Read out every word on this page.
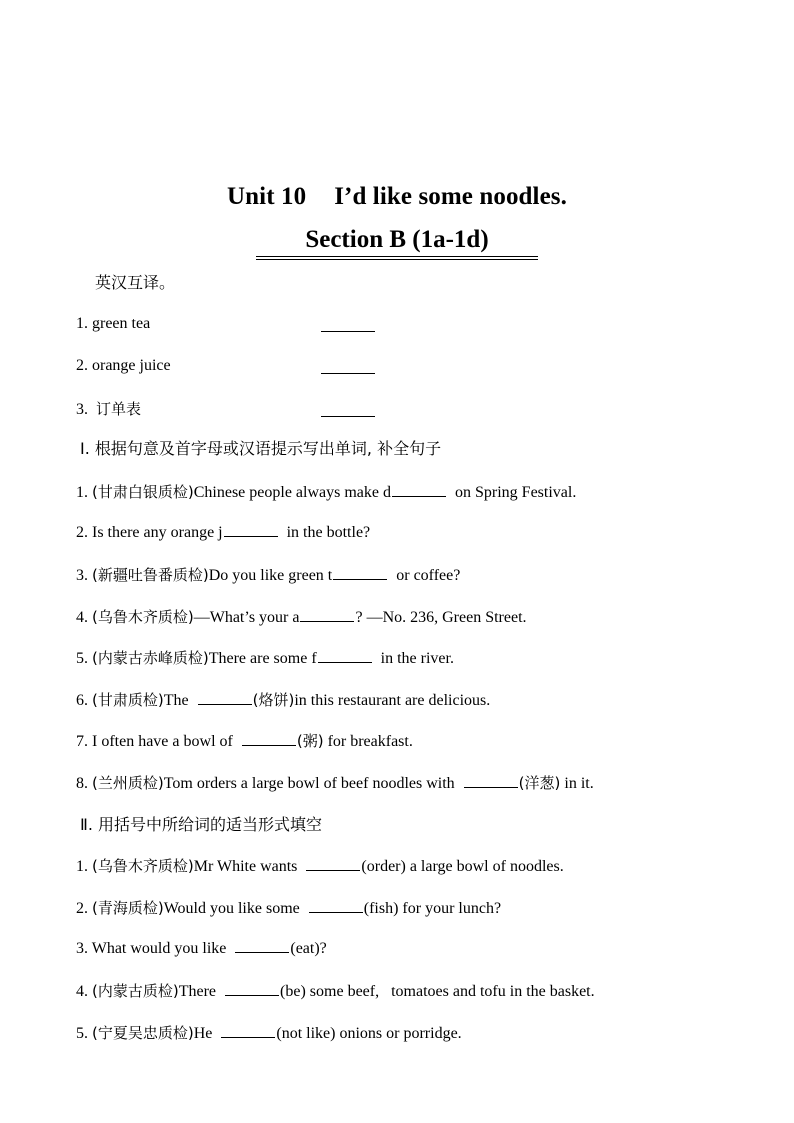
Unit 10 I’d like some noodles.
Section B (1a-1d)
英汉互译。
1. green tea
2. orange juice
3. 订单表
Ⅰ. 根据句意及首字母或汉语提示写出单词, 补全句子
1. (甘肃白银质检)Chinese people always make d	on Spring Festival.
2. Is there any orange j	in the bottle?
3. (新疆吐鲁番质检)Do you like green t	or coffee?
4. (乌鲁木齐质检)—What’s your a	? —No. 236, Green Street.
5. (内蒙古赤峰质检)There are some f	in the river.
6. (甘肃质检)The	(烙饼)in this restaurant are delicious.
7. I often have a bowl of	(粥) for breakfast.
8. (兰州质检)Tom orders a large bowl of beef noodles with	(洋葱) in it.
Ⅱ. 用括号中所给词的适当形式填空
1. (乌鲁木齐质检)Mr White wants	(order) a large bowl of noodles.
2. (青海质检)Would you like some	(fish) for your lunch?
3. What would you like	(eat)?
4. (内蒙古质检)There	(be) some beef,   tomatoes and tofu in the basket.
5. (宁夏吴忠质检)He	(not like) onions or porridge.
